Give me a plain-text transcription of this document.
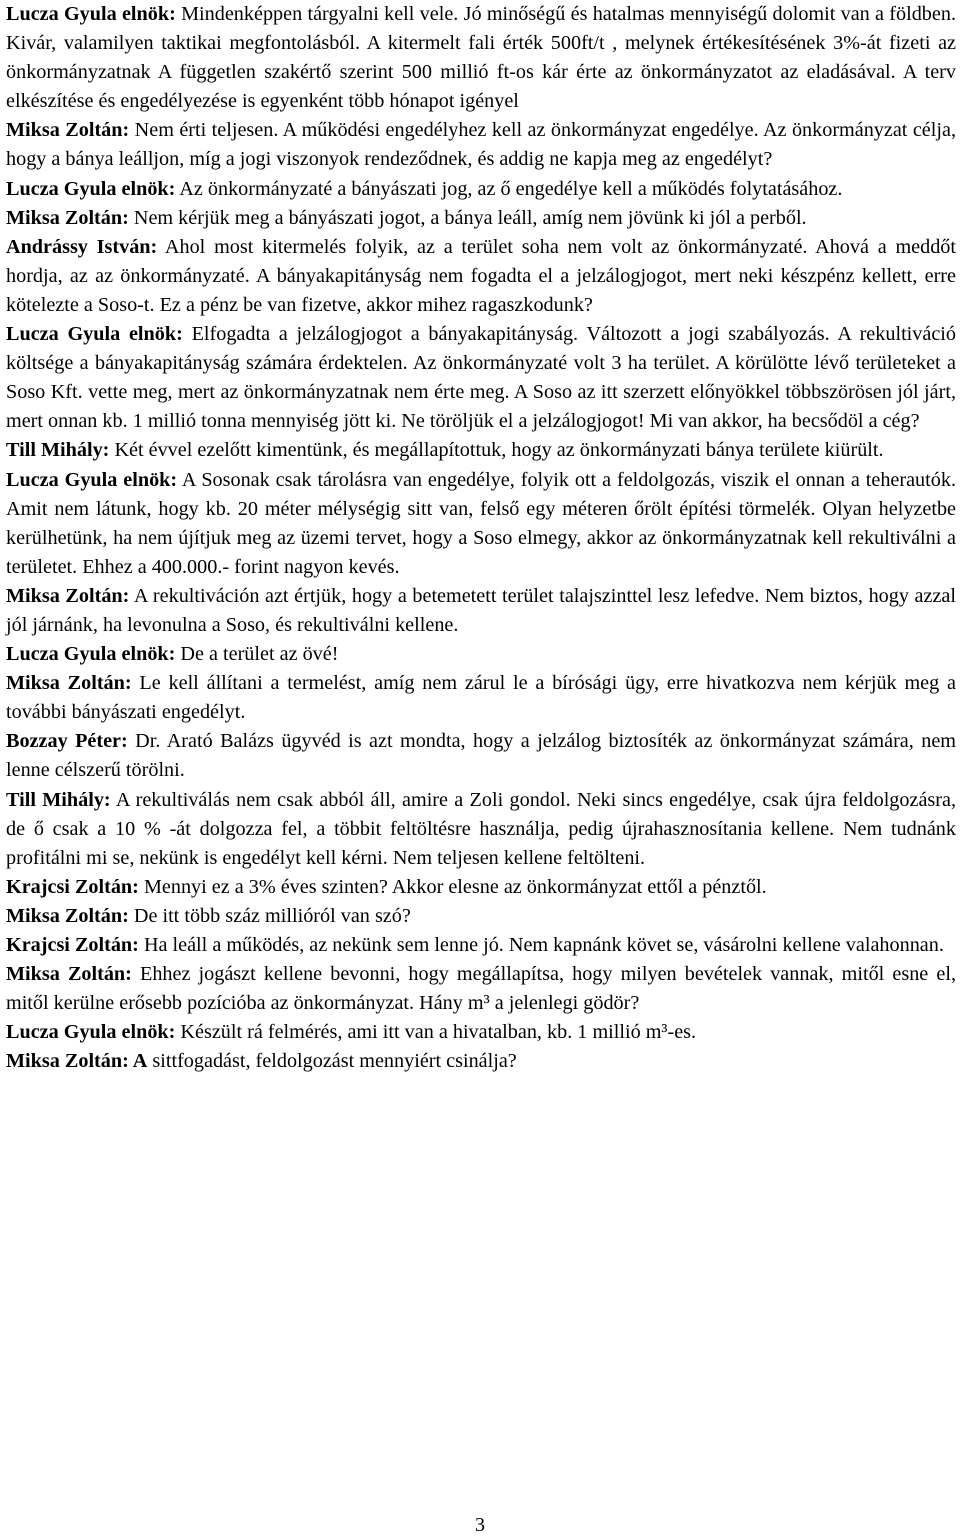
Lucza Gyula elnök: Mindenképpen tárgyalni kell vele. Jó minőségű és hatalmas mennyiségű dolomit van a földben. Kivár, valamilyen taktikai megfontolásból. A kitermelt fali érték 500ft/t , melynek értékesítésének 3%-át fizeti az önkormányzatnak A független szakértő szerint 500 millió ft-os kár érte az önkormányzatot az eladásával. A terv elkészítése és engedélyezése is egyenként több hónapot igényel

Miksa Zoltán: Nem érti teljesen. A működési engedélyhez kell az önkormányzat engedélye. Az önkormányzat célja, hogy a bánya leálljon, míg a jogi viszonyok rendeződnek, és addig ne kapja meg az engedélyt?

Lucza Gyula elnök: Az önkormányzaté a bányászati jog, az ő engedélye kell a működés folytatásához.

Miksa Zoltán: Nem kérjük meg a bányászati jogot, a bánya leáll, amíg nem jövünk ki jól a perből.

Andrássy István: Ahol most kitermelés folyik, az a terület soha nem volt az önkormányzaté. Ahová a meddőt hordja, az az önkormányzaté. A bányakapitányság nem fogadta el a jelzálogjogot, mert neki készpénz kellett, erre kötelezte a Soso-t. Ez a pénz be van fizetve, akkor mihez ragaszkodunk?

Lucza Gyula elnök: Elfogadta a jelzálogjogot a bányakapitányság. Változott a jogi szabályozás. A rekultiváció költsége a bányakapitányság számára érdektelen. Az önkormányzaté volt 3 ha terület. A körülötte lévő területeket a Soso Kft. vette meg, mert az önkormányzatnak nem érte meg. A Soso az itt szerzett előnyökkel többszörösen jól járt, mert onnan kb. 1 millió tonna mennyiség jött ki. Ne töröljük el a jelzálogjogot! Mi van akkor, ha becsődöl a cég?

Till Mihály: Két évvel ezelőtt kimentünk, és megállapítottuk, hogy az önkormányzati bánya területe kiürült.

Lucza Gyula elnök: A Sosonak csak tárolásra van engedélye, folyik ott a feldolgozás, viszik el onnan a teherautók. Amit nem látunk, hogy kb. 20 méter mélységig sitt van, felső egy méteren őrölt építési törmelék. Olyan helyzetbe kerülhetünk, ha nem újítjuk meg az üzemi tervet, hogy a Soso elmegy, akkor az önkormányzatnak kell rekultiválni a területet. Ehhez a 400.000.- forint nagyon kevés.

Miksa Zoltán: A rekultiváción azt értjük, hogy a betemetett terület talajszinttel lesz lefedve. Nem biztos, hogy azzal jól járnánk, ha levonulna a Soso, és rekultiválni kellene.

Lucza Gyula elnök: De a terület az övé!

Miksa Zoltán: Le kell állítani a termelést, amíg nem zárul le a bírósági ügy, erre hivatkozva nem kérjük meg a további bányászati engedélyt.

Bozzay Péter: Dr. Arató Balázs ügyvéd is azt mondta, hogy a jelzálog biztosíték az önkormányzat számára, nem lenne célszerű törölni.

Till Mihály: A rekultiválás nem csak abból áll, amire a Zoli gondol. Neki sincs engedélye, csak újra feldolgozásra, de ő csak a 10 % -át dolgozza fel, a többit feltöltésre használja, pedig újrahasznosítania kellene. Nem tudnánk profitálni mi se, nekünk is engedélyt kell kérni. Nem teljesen kellene feltölteni.

Krajcsi Zoltán: Mennyi ez a 3% éves szinten? Akkor elesne az önkormányzat ettől a pénztől.

Miksa Zoltán: De itt több száz millióról van szó?

Krajcsi Zoltán: Ha leáll a működés, az nekünk sem lenne jó. Nem kapnánk követ se, vásárolni kellene valahonnan.

Miksa Zoltán: Ehhez jogászt kellene bevonni, hogy megállapítsa, hogy milyen bevételek vannak, mitől esne el, mitől kerülne erősebb pozícióba az önkormányzat. Hány m³ a jelenlegi gödör?

Lucza Gyula elnök: Készült rá felmérés, ami itt van a hivatalban, kb. 1 millió m³-es.

Miksa Zoltán: A sittfogadást, feldolgozást mennyiért csinálja?

3
